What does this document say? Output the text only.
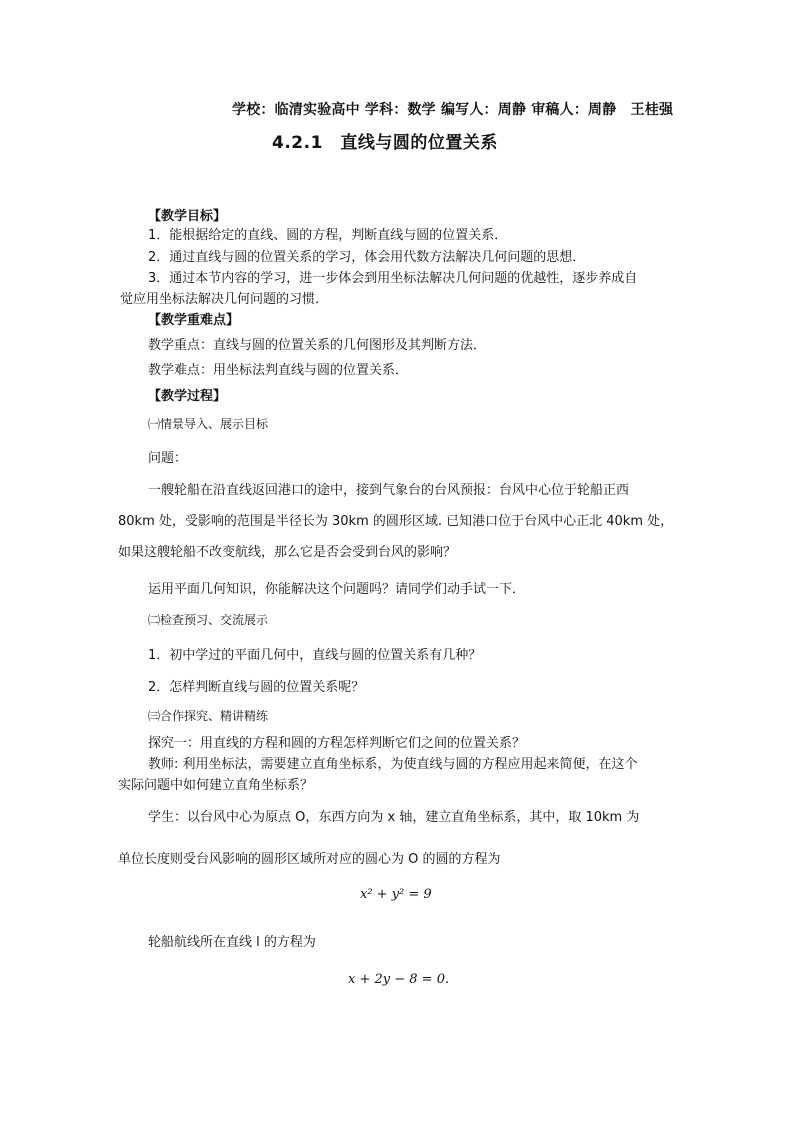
学校：临清实验高中 学科：数学 编写人：周静 审稿人：周静　王桂强
4.2.1　直线与圆的位置关系
【教学目标】
1．能根据给定的直线、圆的方程，判断直线与圆的位置关系．
2．通过直线与圆的位置关系的学习，体会用代数方法解决几何问题的思想．
3．通过本节内容的学习，进一步体会到用坐标法解决几何问题的优越性，逐步养成自
觉应用坐标法解决几何问题的习惯．
【教学重难点】
教学重点：直线与圆的位置关系的几何图形及其判断方法．
教学难点：用坐标法判直线与圆的位置关系．
【教学过程】
㈠情景导入、展示目标
问题：
一艘轮船在沿直线返回港口的途中，接到气象台的台风预报：台风中心位于轮船正西
80km 处，受影响的范围是半径长为 30km 的圆形区域. 已知港口位于台风中心正北 40km 处，
如果这艘轮船不改变航线，那么它是否会受到台风的影响？
运用平面几何知识，你能解决这个问题吗？请同学们动手试一下．
㈡检查预习、交流展示
1．初中学过的平面几何中，直线与圆的位置关系有几种？
2．怎样判断直线与圆的位置关系呢？
㈢合作探究、精讲精练
探究一：用直线的方程和圆的方程怎样判断它们之间的位置关系？
教师: 利用坐标法，需要建立直角坐标系，为使直线与圆的方程应用起来简便，在这个
实际问题中如何建立直角坐标系？
学生：以台风中心为原点 O，东西方向为 x 轴，建立直角坐标系，其中，取 10km 为
单位长度则受台风影响的圆形区域所对应的圆心为 O 的圆的方程为
x² + y² = 9
轮船航线所在直线 l 的方程为
x + 2y − 8 = 0.
